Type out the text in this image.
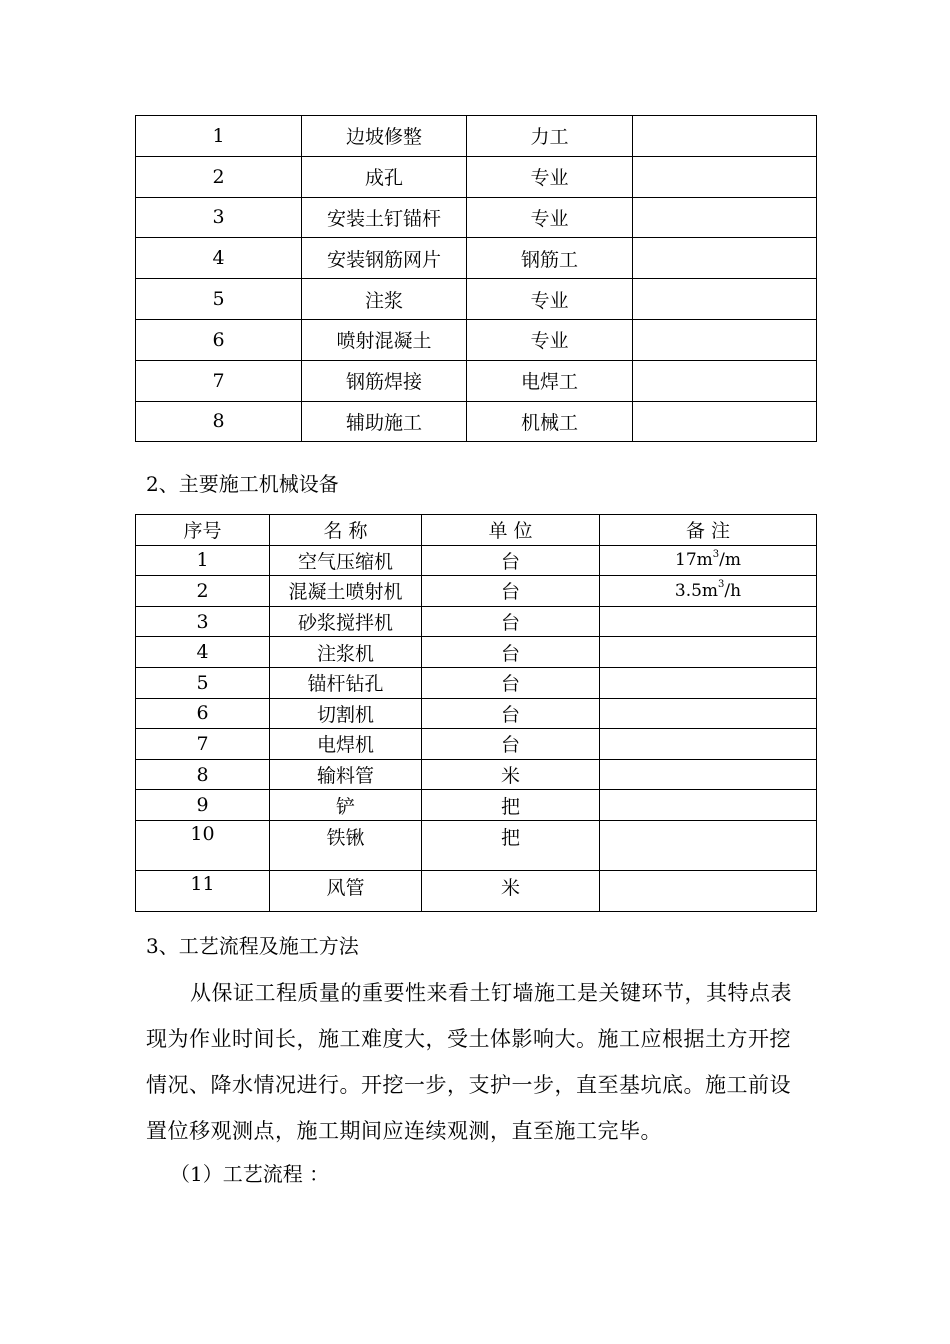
1	边坡修整	力工	
2	成孔	专业	
3	安装土钉锚杆	专业	
4	安装钢筋网片	钢筋工	
5	注浆	专业	
6	喷射混凝土	专业	
7	钢筋焊接	电焊工	
8	辅助施工	机械工	
2、主要施工机械设备
序号	名 称	单 位	备 注
1	空气压缩机	台	$17m^3/m$
2	混凝土喷射机	台	$3.5m^3/h$
3	砂浆搅拌机	台	
4	注浆机	台	
5	锚杆钻孔	台	
6	切割机	台	
7	电焊机	台	
8	输料管	米	
9	铲	把	
10	铁锹	把	
11	风管	米	
3、工艺流程及施工方法
从保证工程质量的重要性来看土钉墙施工是关键环节，其特点表现为作业时间长，施工难度大，受土体影响大。施工应根据土方开挖情况、降水情况进行。开挖一步，支护一步，直至基坑底。施工前设置位移观测点，施工期间应连续观测，直至施工完毕。
（1）工艺流程 ：
